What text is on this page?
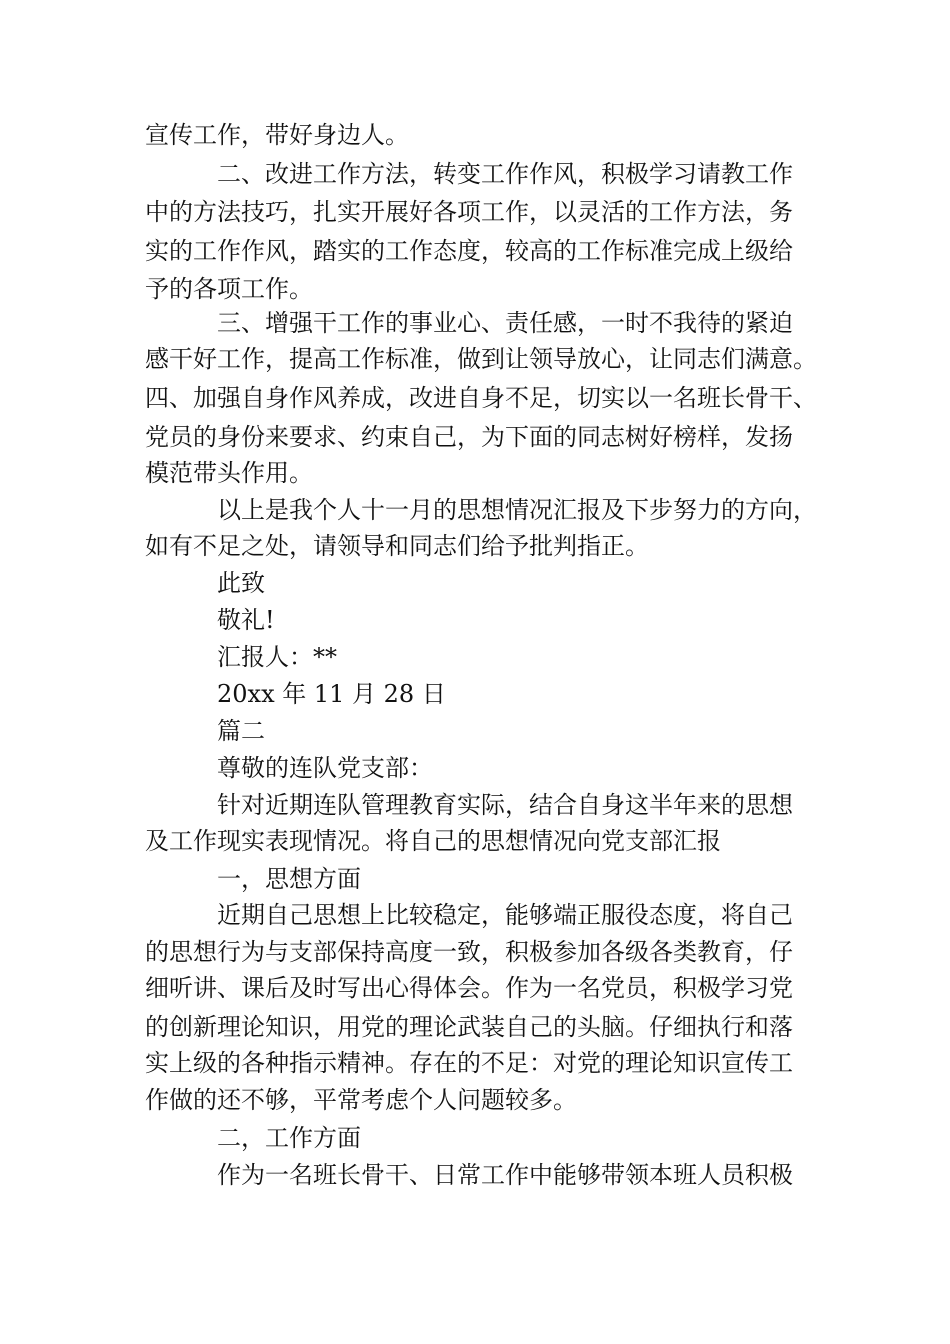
宣传工作，带好身边人。

二、改进工作方法，转变工作作风，积极学习请教工作

中的方法技巧，扎实开展好各项工作，以灵活的工作方法，务

实的工作作风，踏实的工作态度，较高的工作标准完成上级给

予的各项工作。

三、增强干工作的事业心、责任感，一时不我待的紧迫

感干好工作，提高工作标准，做到让领导放心，让同志们满意。

四、加强自身作风养成，改进自身不足，切实以一名班长骨干、

党员的身份来要求、约束自己，为下面的同志树好榜样，发扬

模范带头作用。

以上是我个人十一月的思想情况汇报及下步努力的方向，

如有不足之处，请领导和同志们给予批判指正。

此致

敬礼!

汇报人：**

20xx 年 11 月 28 日

篇二

尊敬的连队党支部：

针对近期连队管理教育实际，结合自身这半年来的思想

及工作现实表现情况。将自己的思想情况向党支部汇报

一，思想方面

近期自己思想上比较稳定，能够端正服役态度，将自己

的思想行为与支部保持高度一致，积极参加各级各类教育，仔

细听讲、课后及时写出心得体会。作为一名党员，积极学习党

的创新理论知识，用党的理论武装自己的头脑。仔细执行和落

实上级的各种指示精神。存在的不足：对党的理论知识宣传工

作做的还不够，平常考虑个人问题较多。

二，工作方面

作为一名班长骨干、日常工作中能够带领本班人员积极
